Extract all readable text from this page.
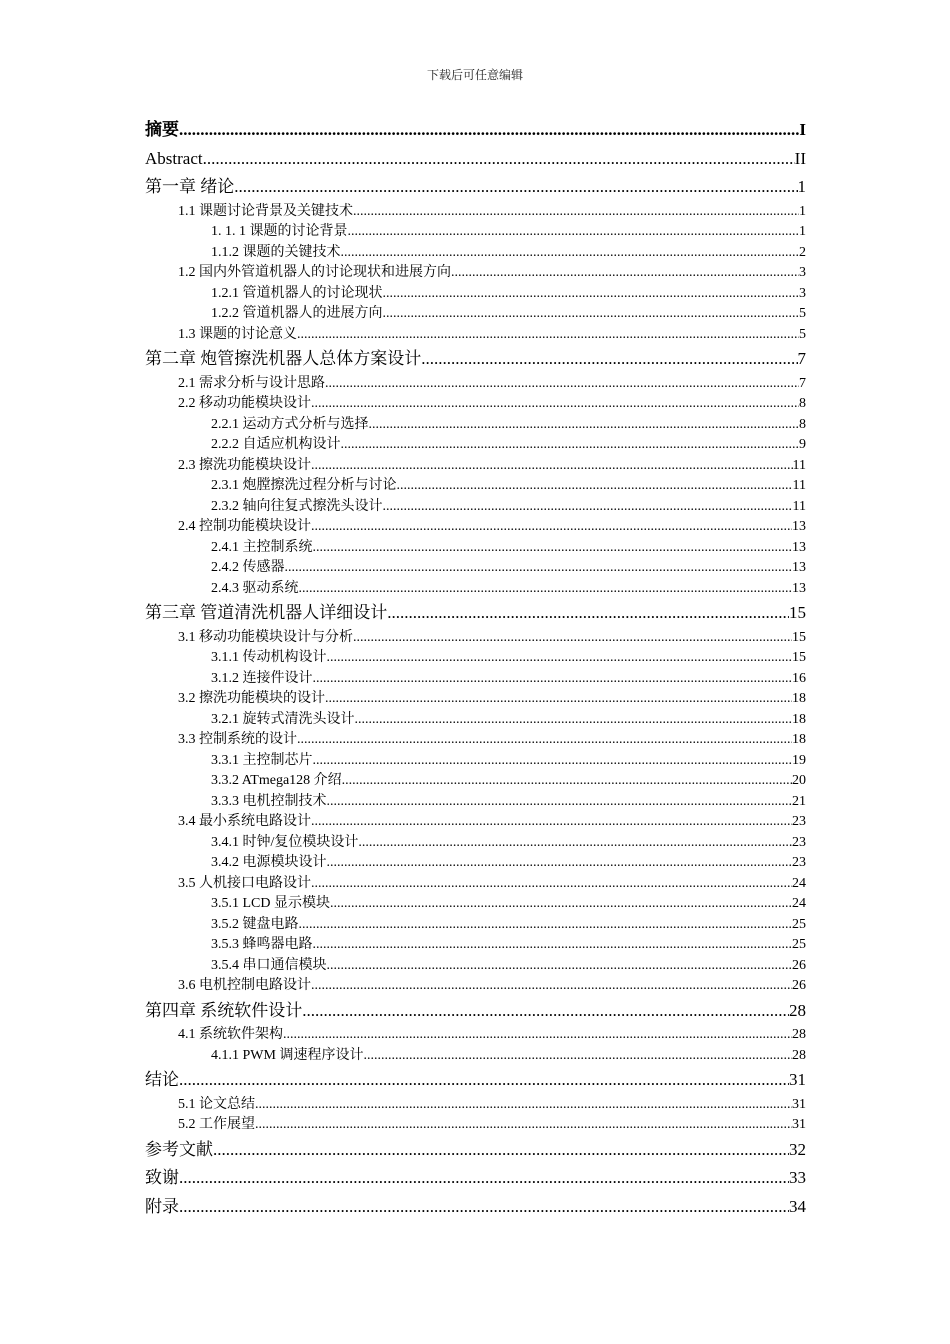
下载后可任意编辑
摘要 .....	I
Abstract .....	II
第一章 绪论 .....	1
1.1 课题讨论背景及关键技术 .....	1
1. 1. 1 课题的讨论背景 .....	1
1.1.2 课题的关键技术 .....	2
1.2 国内外管道机器人的讨论现状和进展方向 .....	3
1.2.1 管道机器人的讨论现状 .....	3
1.2.2 管道机器人的进展方向 .....	5
1.3 课题的讨论意义 .....	5
第二章 炮管擦洗机器人总体方案设计 .....	7
2.1 需求分析与设计思路 .....	7
2.2 移动功能模块设计 .....	8
2.2.1 运动方式分析与选择 .....	8
2.2.2 自适应机构设计 .....	9
2.3 擦洗功能模块设计 .....	11
2.3.1 炮膛擦洗过程分析与讨论 .....	11
2.3.2 轴向往复式擦洗头设计 .....	11
2.4 控制功能模块设计 .....	13
2.4.1 主控制系统 .....	13
2.4.2 传感器 .....	13
2.4.3 驱动系统 .....	13
第三章 管道清洗机器人详细设计 .....	15
3.1 移动功能模块设计与分析 .....	15
3.1.1 传动机构设计 .....	15
3.1.2 连接件设计 .....	16
3.2 擦洗功能模块的设计 .....	18
3.2.1 旋转式清洗头设计 .....	18
3.3 控制系统的设计 .....	18
3.3.1 主控制芯片 .....	19
3.3.2 ATmega128 介绍 .....	20
3.3.3 电机控制技术 .....	21
3.4 最小系统电路设计 .....	23
3.4.1 时钟/复位模块设计 .....	23
3.4.2 电源模块设计 .....	23
3.5 人机接口电路设计 .....	24
3.5.1 LCD 显示模块 .....	24
3.5.2 键盘电路 .....	25
3.5.3 蜂鸣器电路 .....	25
3.5.4 串口通信模块 .....	26
3.6 电机控制电路设计 .....	26
第四章 系统软件设计 .....	28
4.1 系统软件架构 .....	28
4.1.1 PWM 调速程序设计 .....	28
结论 .....	31
5.1 论文总结 .....	31
5.2 工作展望 .....	31
参考文献 .....	32
致谢 .....	33
附录 .....	34
